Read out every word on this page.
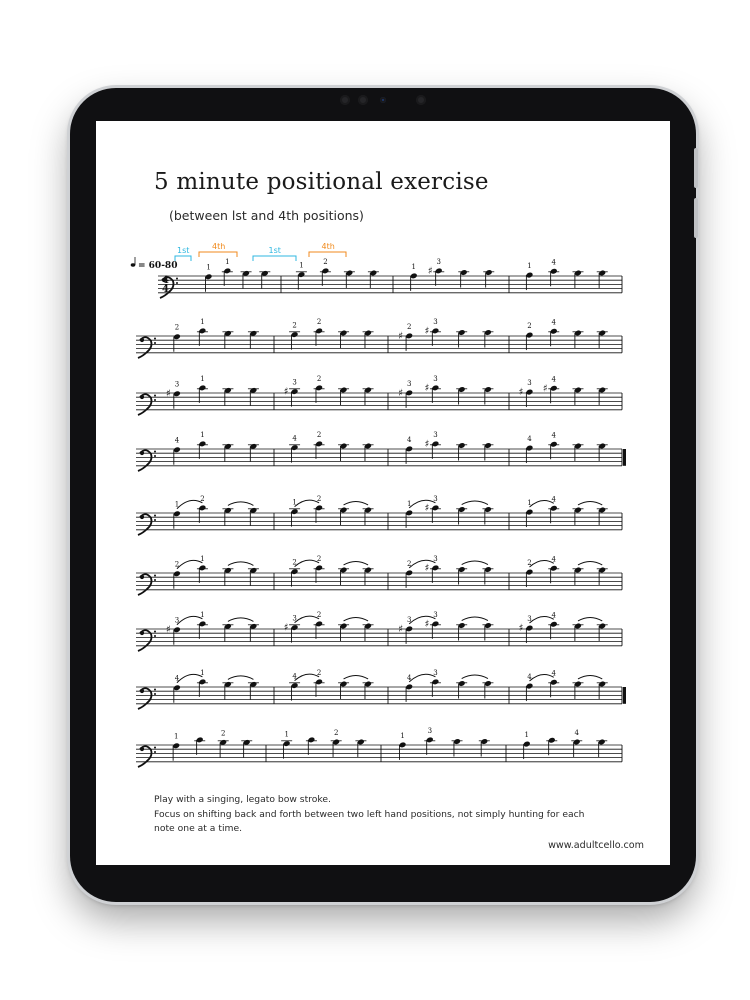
5 minute positional exercise
(between lst and 4th positions)
1
1	1	2
1 ♯
3
1	4
2
1	2	2
♯
2 ♯
3
2	4
♯
3
1
♯
3	2
♯
3 ♯
3
♯
3
♯
4
4
1	4	2
4 ♯
3
4	4
1
2	1	2
1 ♯
3
1	4
2
1	2	2
2 ♯
3
2	4
♯
3
1
♯
3	2
♯
3 ♯
3
♯
3	4
4
1	4	2
4
3
4	4
1	2	1	2	1
3
1	4
4
4
= 60-80
1st	4th	1st	4th
Play with a singing, legato bow stroke.
Focus on shifting back and forth between two left hand positions, not simply hunting for each
note one at a time.
www.adultcello.com
